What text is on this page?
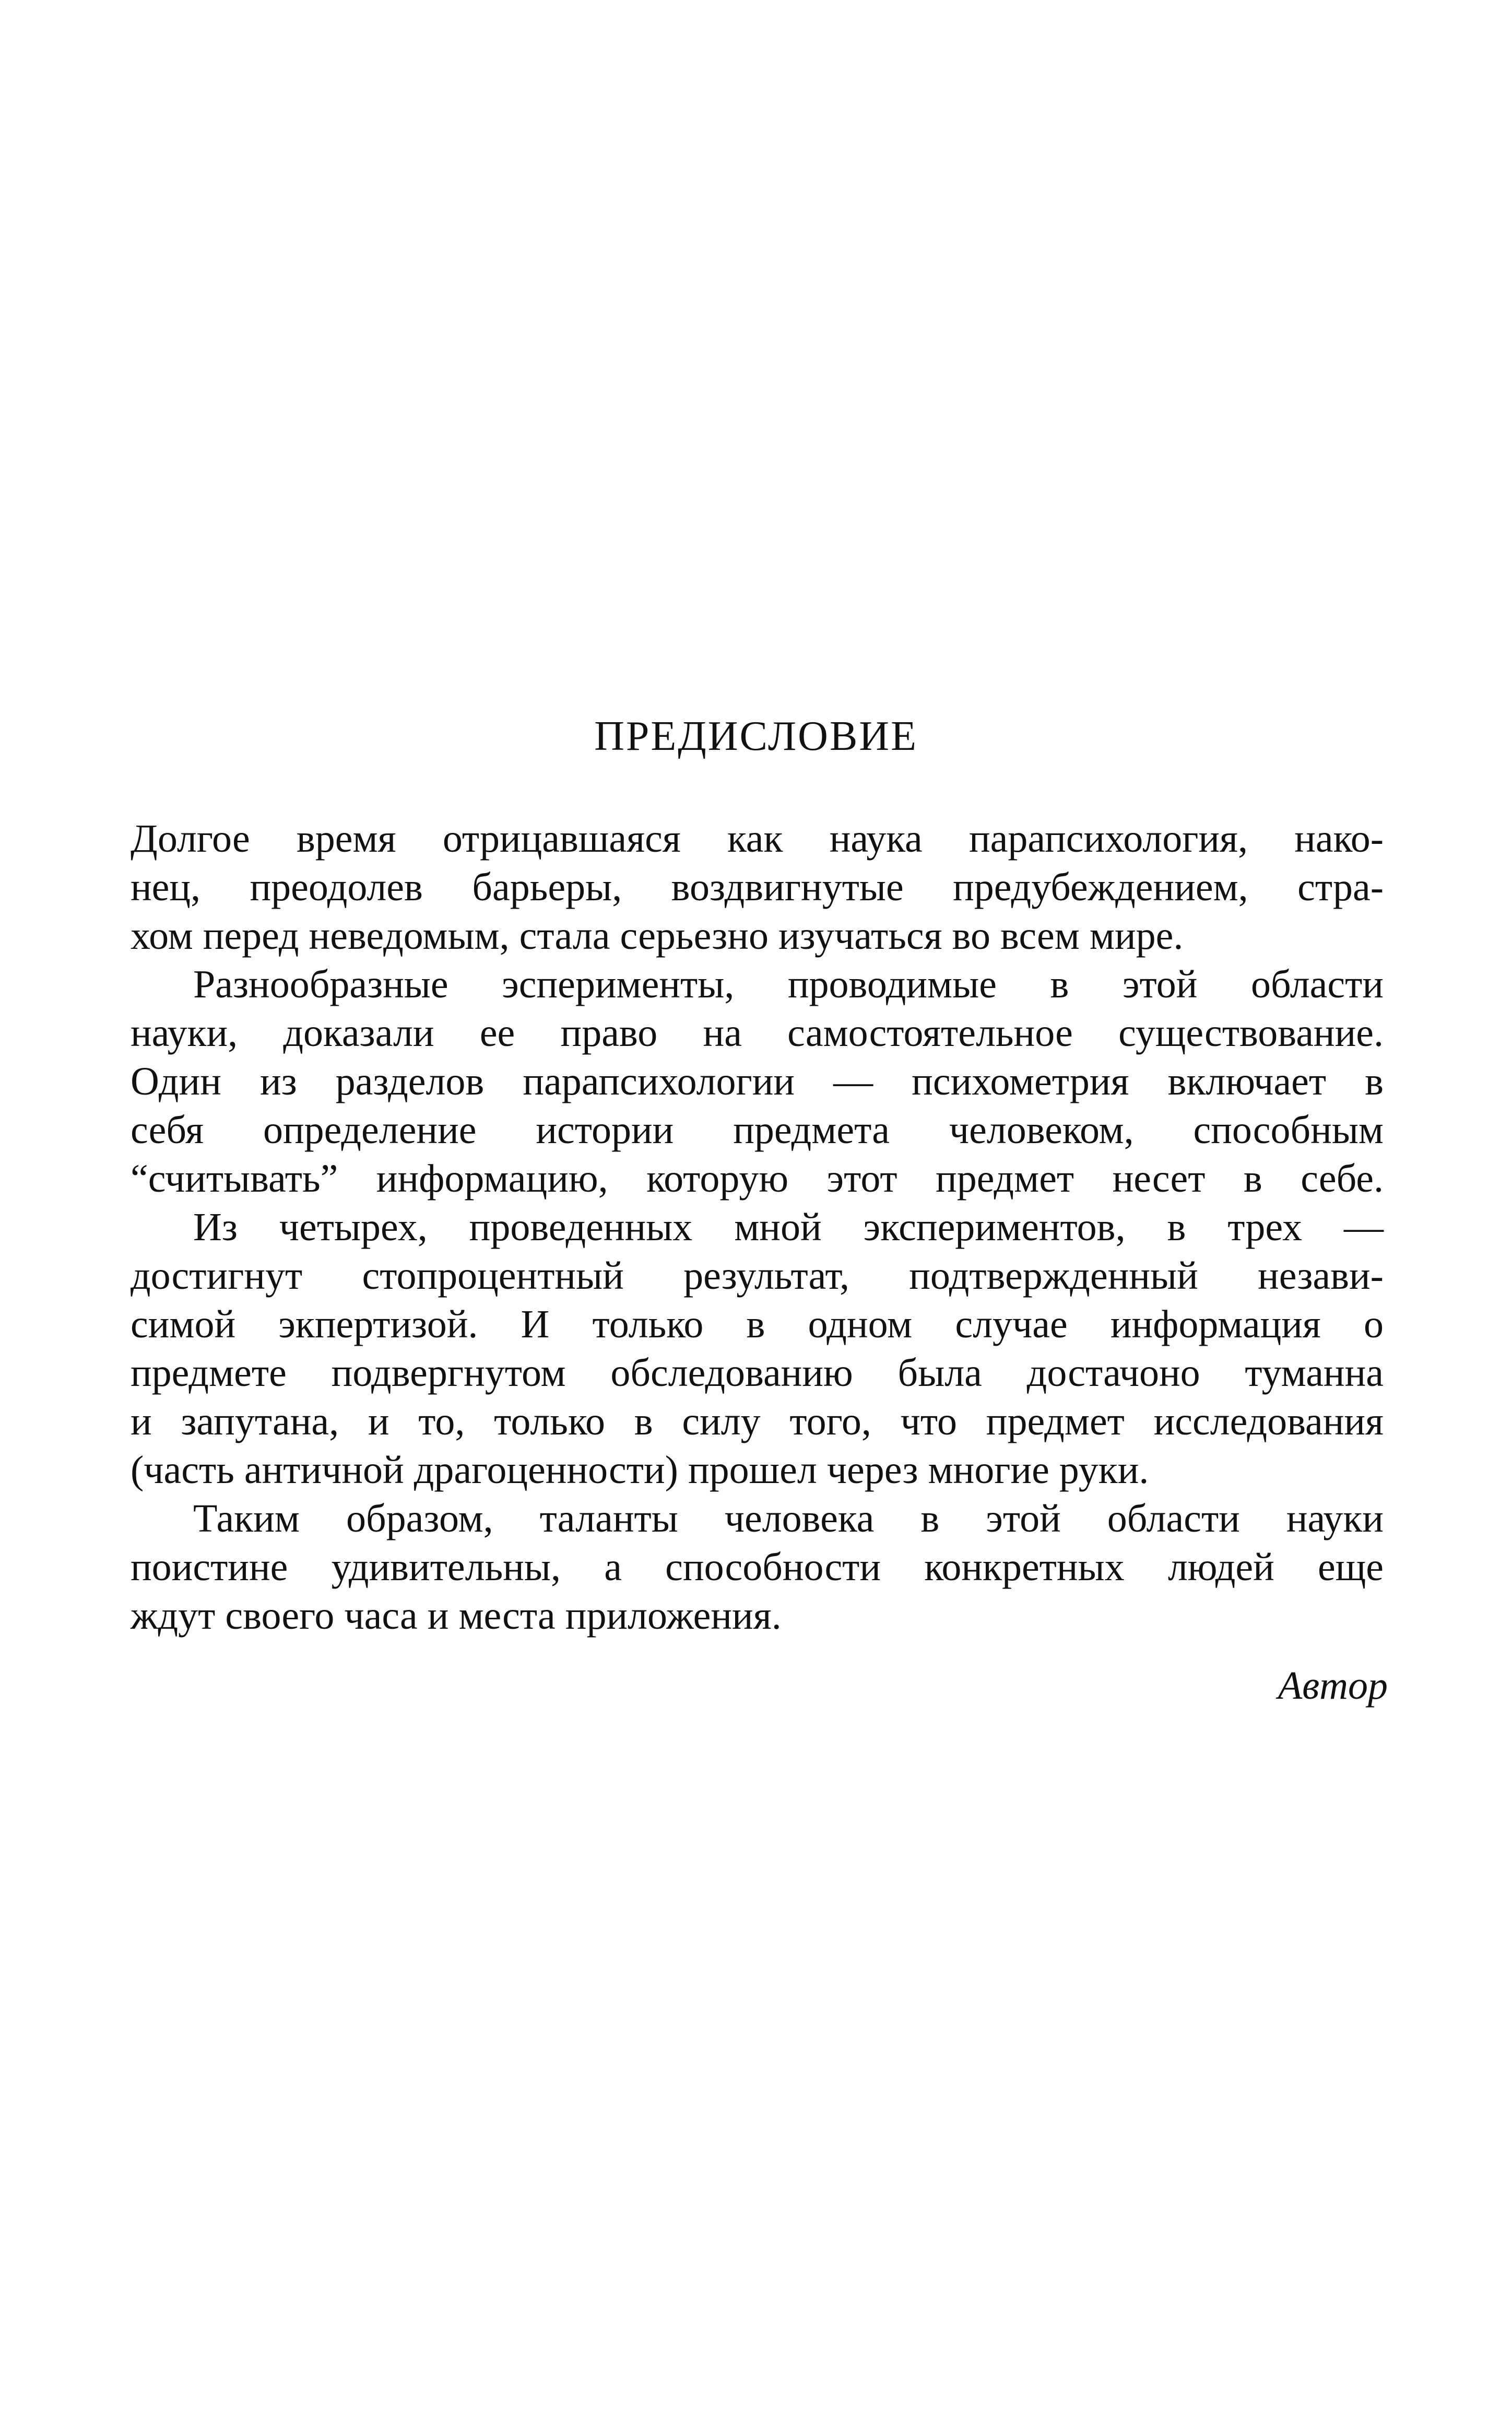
ПРЕДИСЛОВИЕ
Долгое время отрицавшаяся как наука парапсихология, нако-
нец, преодолев барьеры, воздвигнутые предубеждением, стра-
хом перед неведомым, стала серьезно изучаться во всем мире.
Разнообразные эсперименты, проводимые в этой области
науки, доказали ее право на самостоятельное существование.
Один из разделов парапсихологии — психометрия включает в
себя определение истории предмета человеком, способным
“считывать” информацию, которую этот предмет несет в себе.
Из четырех, проведенных мной экспериментов, в трех —
достигнут стопроцентный результат, подтвержденный незави-
симой экпертизой. И только в одном случае информация о
предмете подвергнутом обследованию была достачоно туманна
и запутана, и то, только в силу того, что предмет исследования
(часть античной драгоценности) прошел через многие руки.
Таким образом, таланты человека в этой области науки
поистине удивительны, а способности конкретных людей еще
ждут своего часа и места приложения.
Автор
